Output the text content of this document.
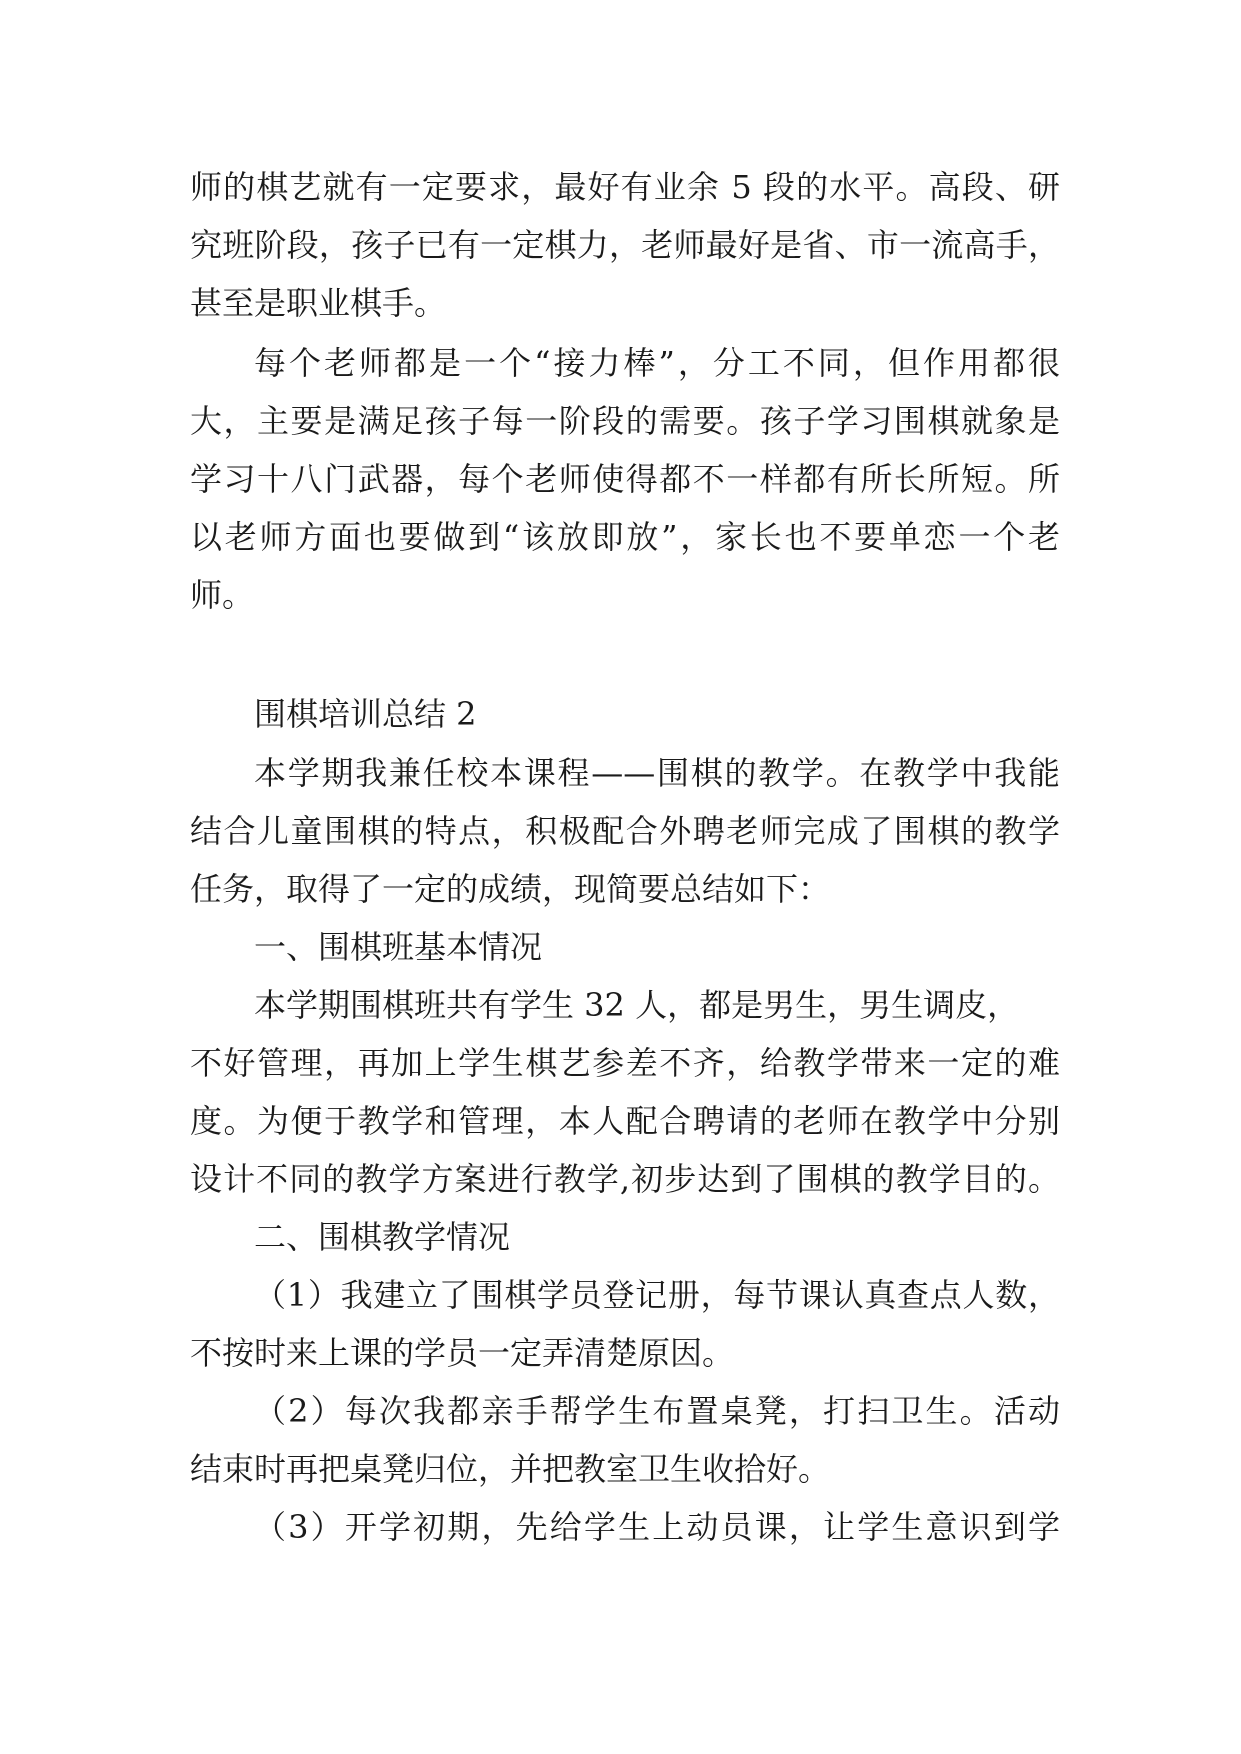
师的棋艺就有一定要求，最好有业余 5 段的水平。高段、研
究班阶段，孩子已有一定棋力，老师最好是省、市一流高手，
甚至是职业棋手。
每个老师都是一个“接力棒”，分工不同，但作用都很
大，主要是满足孩子每一阶段的需要。孩子学习围棋就象是
学习十八门武器，每个老师使得都不一样都有所长所短。所
以老师方面也要做到“该放即放”，家长也不要单恋一个老
师。
围棋培训总结 2
本学期我兼任校本课程——围棋的教学。在教学中我能
结合儿童围棋的特点，积极配合外聘老师完成了围棋的教学
任务，取得了一定的成绩，现简要总结如下：
一、围棋班基本情况
本学期围棋班共有学生 32 人，都是男生，男生调皮，
不好管理，再加上学生棋艺参差不齐，给教学带来一定的难
度。为便于教学和管理，本人配合聘请的老师在教学中分别
设计不同的教学方案进行教学,初步达到了围棋的教学目的。
二、围棋教学情况
（1）我建立了围棋学员登记册，每节课认真查点人数，
不按时来上课的学员一定弄清楚原因。
（2）每次我都亲手帮学生布置桌凳，打扫卫生。活动
结束时再把桌凳归位，并把教室卫生收拾好。
（3）开学初期，先给学生上动员课，让学生意识到学
